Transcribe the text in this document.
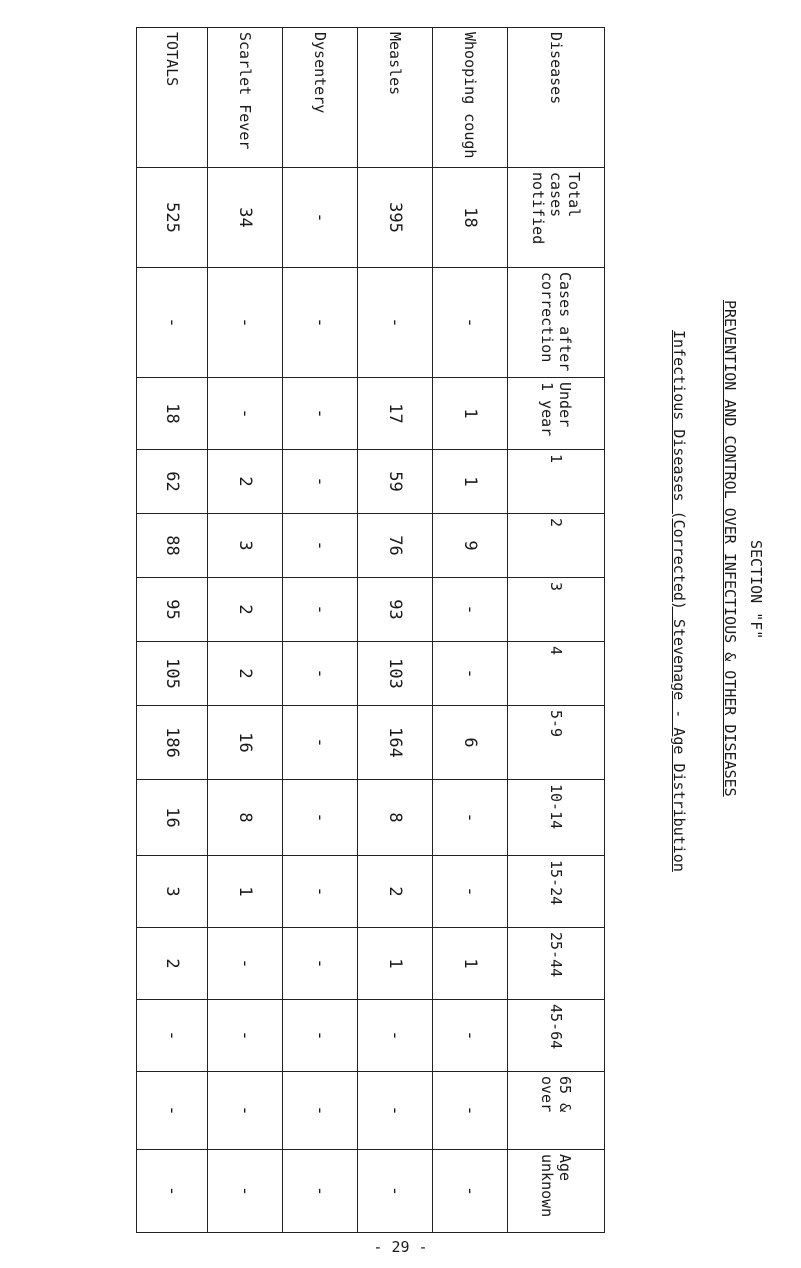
SECTION "F"
PREVENTION AND CONTROL OVER INFECTIOUS & OTHER DISEASES
Infectious Diseases (Corrected) Stevenage - Age Distribution
Diseases	Total cases notified	Cases after correction	Under 1 year	1	2	3	4	5-9	10-14	15-24	25-44	45-64	65 & over	Age unknown
Whooping cough	18	-	1	1	9	-	-	6	-	-	1	-	-	-
Measles	395	-	17	59	76	93	103	164	8	2	1	-	-	-
Dysentery	-	-	-	-	-	-	-	-	-	-	-	-	-	-
Scarlet Fever	34	-	-	2	3	2	2	16	8	1	-	-	-	-
TOTALS	525	-	18	62	88	95	105	186	16	3	2	-	-	-
- 29 -
